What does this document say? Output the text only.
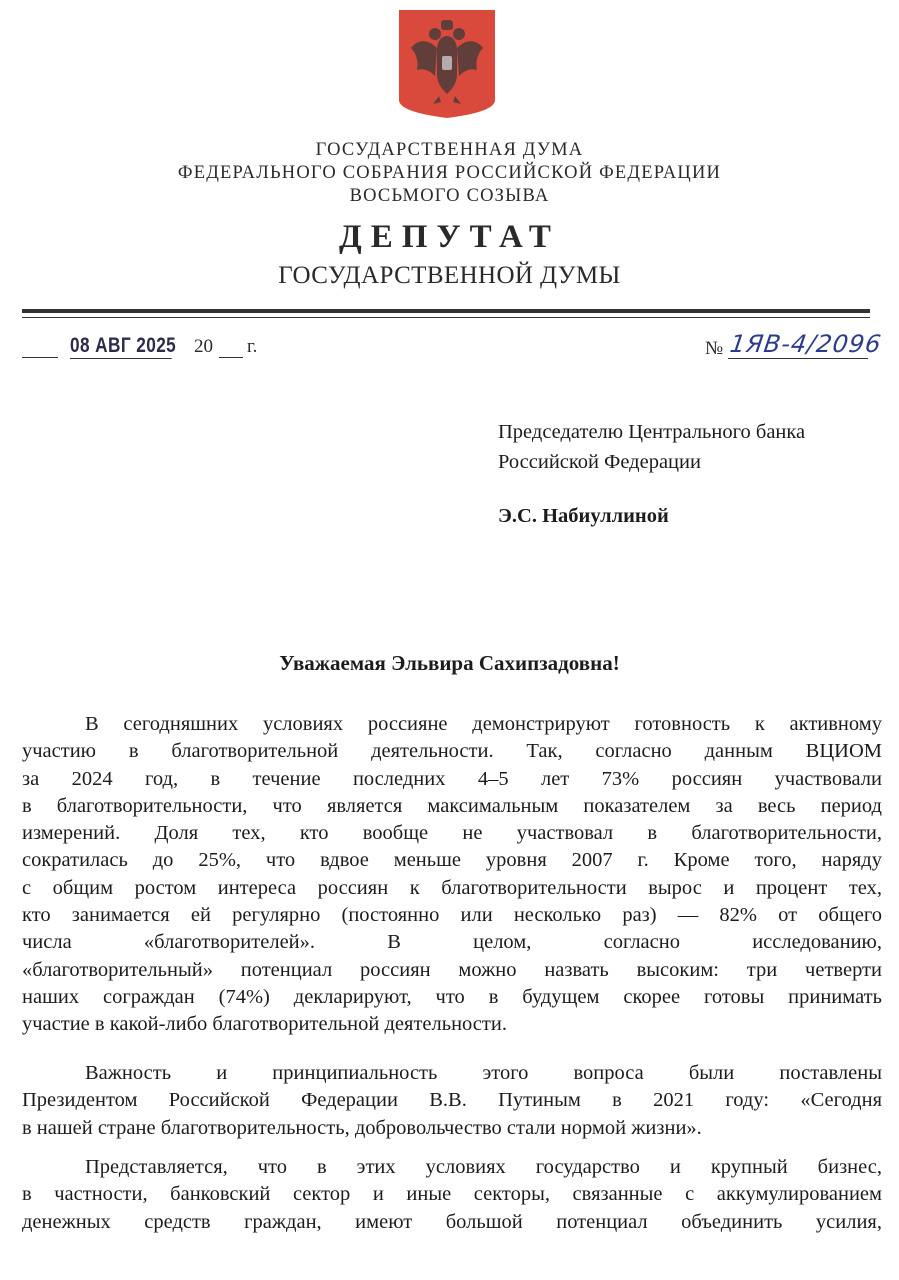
ГОСУДАРСТВЕННАЯ ДУМА
ФЕДЕРАЛЬНОГО СОБРАНИЯ РОССИЙСКОЙ ФЕДЕРАЦИИ
ВОСЬМОГО СОЗЫВА
ДЕПУТАТ
ГОСУДАРСТВЕННОЙ ДУМЫ
08 АВГ 2025 20 г.	№ 1ЯВ-4/2096
Председателю Центрального банка
Российской Федерации
Э.С. Набиуллиной
Уважаемая Эльвира Сахипзадовна!
В сегодняшних условиях россияне демонстрируют готовность к активному
участию в благотворительной деятельности. Так, согласно данным ВЦИОМ
за 2024 год, в течение последних 4–5 лет 73% россиян участвовали
в благотворительности, что является максимальным показателем за весь период
измерений. Доля тех, кто вообще не участвовал в благотворительности,
сократилась до 25%, что вдвое меньше уровня 2007 г. Кроме того, наряду
с общим ростом интереса россиян к благотворительности вырос и процент тех,
кто занимается ей регулярно (постоянно или несколько раз) — 82% от общего
числа «благотворителей». В целом, согласно исследованию,
«благотворительный» потенциал россиян можно назвать высоким: три четверти
наших сограждан (74%) декларируют, что в будущем скорее готовы принимать
участие в какой-либо благотворительной деятельности.
Важность и принципиальность этого вопроса были поставлены
Президентом Российской Федерации В.В. Путиным в 2021 году: «Сегодня
в нашей стране благотворительность, добровольчество стали нормой жизни».
Представляется, что в этих условиях государство и крупный бизнес,
в частности, банковский сектор и иные секторы, связанные с аккумулированием
денежных средств граждан, имеют большой потенциал объединить усилия,
